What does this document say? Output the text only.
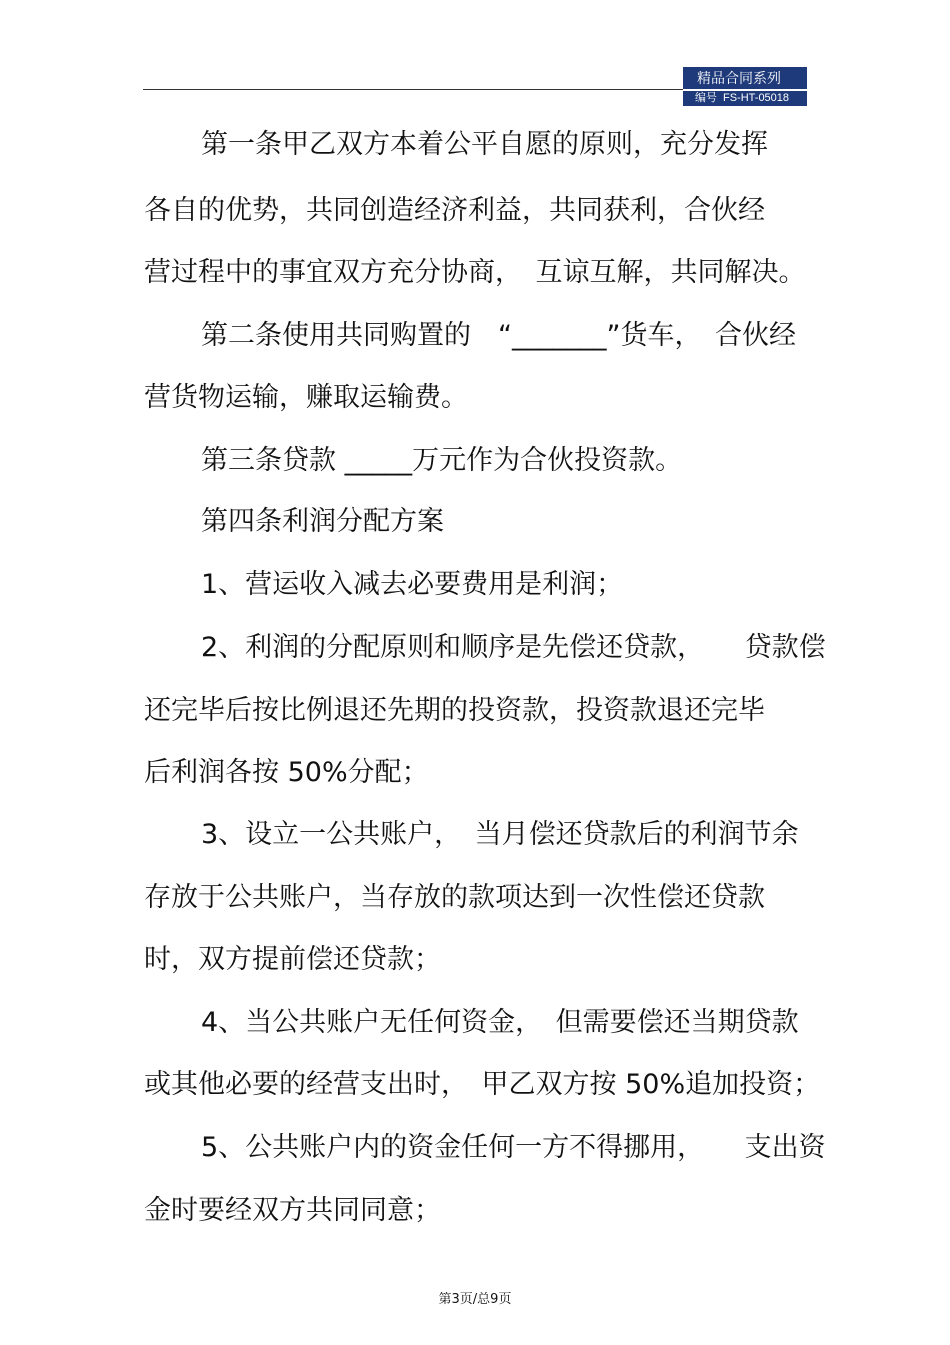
精品合同系列
编号 FS-HT-05018
第一条甲乙双方本着公平自愿的原则，充分发挥
各自的优势，共同创造经济利益，共同获利，合伙经
营过程中的事宜双方充分协商，　互谅互解，共同解决。
第二条使用共同购置的　“_______”货车，　合伙经
营货物运输，赚取运输费。
第三条贷款 _____万元作为合伙投资款。
第四条利润分配方案
1、营运收入减去必要费用是利润；
2、利润的分配原则和顺序是先偿还贷款，　　贷款偿
还完毕后按比例退还先期的投资款，投资款退还完毕
后利润各按 50%分配；
3、设立一公共账户，　当月偿还贷款后的利润节余
存放于公共账户，当存放的款项达到一次性偿还贷款
时，双方提前偿还贷款；
4、当公共账户无任何资金，　但需要偿还当期贷款
或其他必要的经营支出时，　甲乙双方按 50%追加投资；
5、公共账户内的资金任何一方不得挪用，　　支出资
金时要经双方共同同意；
第3页/总9页
